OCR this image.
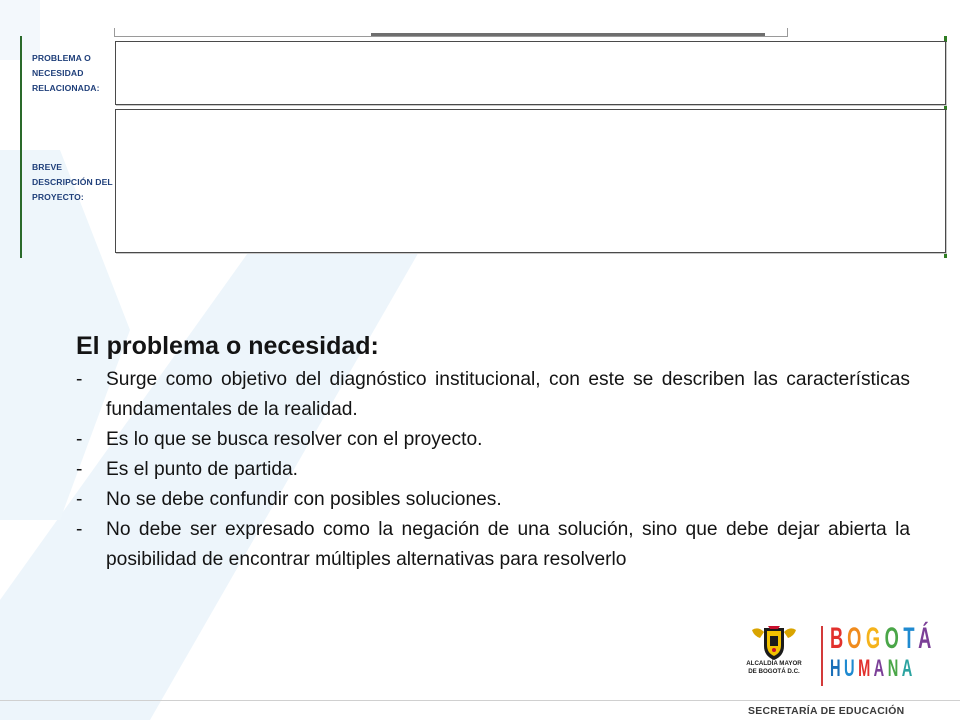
PROBLEMA O
NECESIDAD
RELACIONADA:
BREVE
DESCRIPCIÓN DEL
PROYECTO:
El problema o necesidad:
- Surge como objetivo del diagnóstico institucional, con este se describen las características fundamentales de la realidad.
- Es lo que se busca resolver con el proyecto.
- Es el punto de partida.
- No se debe confundir con posibles soluciones.
- No debe ser expresado como la negación de una solución, sino que debe dejar abierta la posibilidad de encontrar múltiples alternativas para resolverlo
ALCALDÍA MAYOR
DE BOGOTÁ D.C.
B O G O T Á
H U M A N A
SECRETARÍA DE EDUCACIÓN
